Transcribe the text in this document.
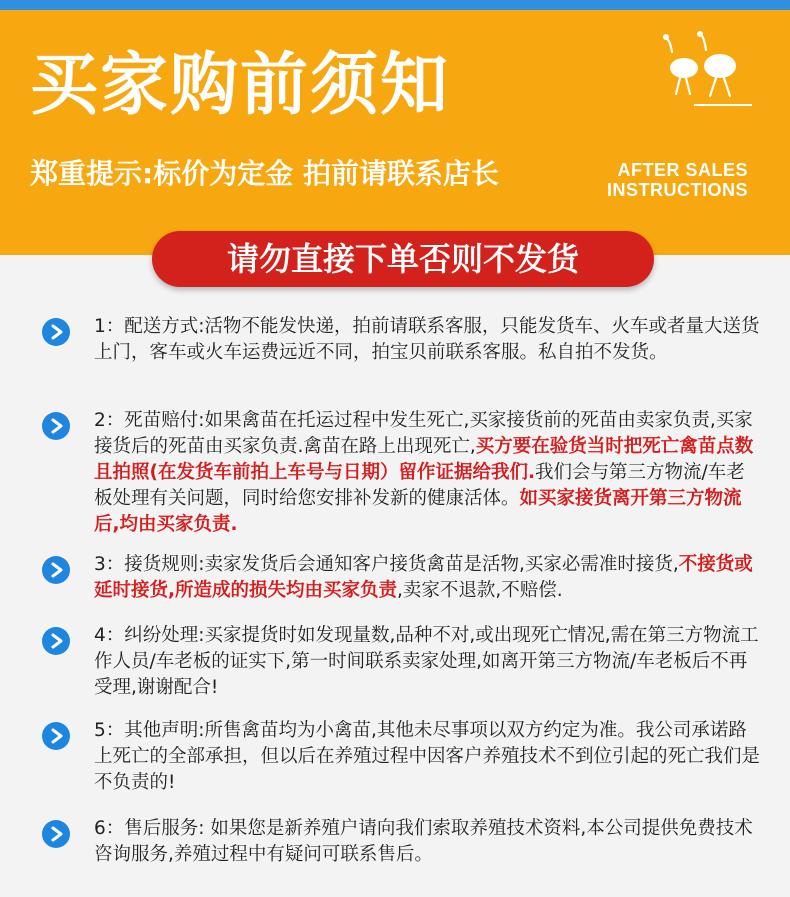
买家购前须知
郑重提示:标价为定金 拍前请联系店长	AFTER SALES
INSTRUCTIONS
请勿直接下单否则不发货
1：配送方式:活物不能发快递，拍前请联系客服，只能发货车、火车或者量大送货上门，客车或火车运费远近不同，拍宝贝前联系客服。私自拍不发货。
2：死苗赔付:如果禽苗在托运过程中发生死亡,买家接货前的死苗由卖家负责,买家接货后的死苗由买家负责.禽苗在路上出现死亡,买方要在验货当时把死亡禽苗点数且拍照(在发货车前拍上车号与日期）留作证据给我们.我们会与第三方物流/车老板处理有关问题，同时给您安排补发新的健康活体。如买家接货离开第三方物流后,均由买家负责.
3：接货规则:卖家发货后会通知客户接货禽苗是活物,买家必需准时接货,不接货或延时接货,所造成的损失均由买家负责,卖家不退款,不赔偿.
4：纠纷处理:买家提货时如发现量数,品种不对,或出现死亡情况,需在第三方物流工作人员/车老板的证实下,第一时间联系卖家处理,如离开第三方物流/车老板后不再受理,谢谢配合!
5：其他声明:所售禽苗均为小禽苗,其他未尽事项以双方约定为准。我公司承诺路上死亡的全部承担，但以后在养殖过程中因客户养殖技术不到位引起的死亡我们是不负责的!
6：售后服务: 如果您是新养殖户请向我们索取养殖技术资料,本公司提供免费技术咨询服务,养殖过程中有疑问可联系售后。
